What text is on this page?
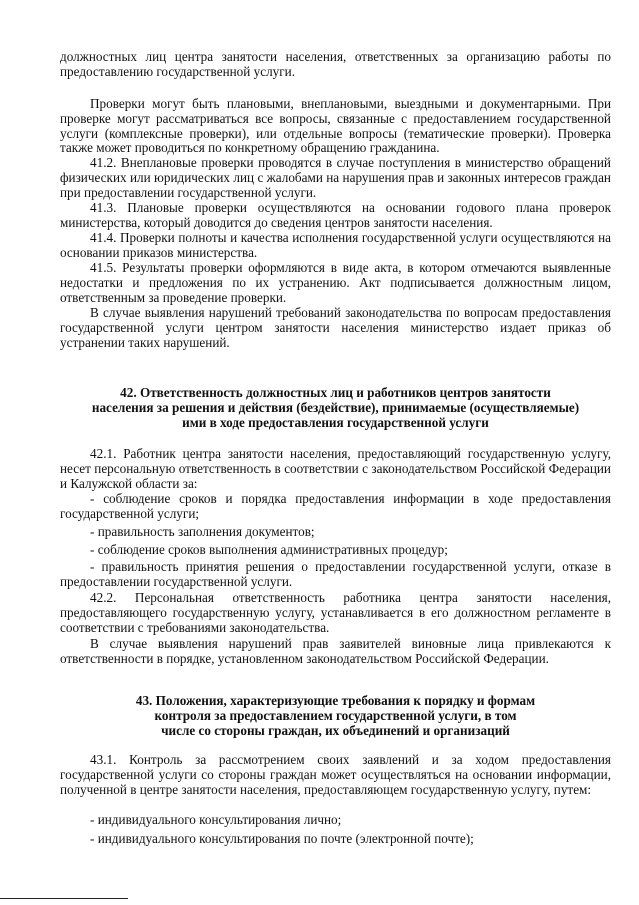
должностных лиц центра занятости населения, ответственных за организацию работы по предоставлению государственной услуги.

Проверки могут быть плановыми, внеплановыми, выездными и документарными. При проверке могут рассматриваться все вопросы, связанные с предоставлением государственной услуги (комплексные проверки), или отдельные вопросы (тематические проверки). Проверка также может проводиться по конкретному обращению гражданина.

41.2. Внеплановые проверки проводятся в случае поступления в министерство обращений физических или юридических лиц с жалобами на нарушения прав и законных интересов граждан при предоставлении государственной услуги.

41.3. Плановые проверки осуществляются на основании годового плана проверок министерства, который доводится до сведения центров занятости населения.

41.4. Проверки полноты и качества исполнения государственной услуги осуществляются на основании приказов министерства.

41.5. Результаты проверки оформляются в виде акта, в котором отмечаются выявленные недостатки и предложения по их устранению. Акт подписывается должностным лицом, ответственным за проведение проверки.

В случае выявления нарушений требований законодательства по вопросам предоставления государственной услуги центром занятости населения министерство издает приказ об устранении таких нарушений.

42. Ответственность должностных лиц и работников центров занятости

населения за решения и действия (бездействие), принимаемые (осуществляемые)

ими в ходе предоставления государственной услуги

42.1. Работник центра занятости населения, предоставляющий государственную услугу, несет персональную ответственность в соответствии с законодательством Российской Федерации и Калужской области за:

- соблюдение сроков и порядка предоставления информации в ходе предоставления государственной услуги;

- правильность заполнения документов;

- соблюдение сроков выполнения административных процедур;

- правильность принятия решения о предоставлении государственной услуги, отказе в предоставлении государственной услуги.

42.2. Персональная ответственность работника центра занятости населения, предоставляющего государственную услугу, устанавливается в его должностном регламенте в соответствии с требованиями законодательства.

В случае выявления нарушений прав заявителей виновные лица привлекаются к ответственности в порядке, установленном законодательством Российской Федерации.

43. Положения, характеризующие требования к порядку и формам

контроля за предоставлением государственной услуги, в том

числе со стороны граждан, их объединений и организаций

43.1. Контроль за рассмотрением своих заявлений и за ходом предоставления государственной услуги со стороны граждан может осуществляться на основании информации, полученной в центре занятости населения, предоставляющем государственную услугу, путем:

- индивидуального консультирования лично;

- индивидуального консультирования по почте (электронной почте);
